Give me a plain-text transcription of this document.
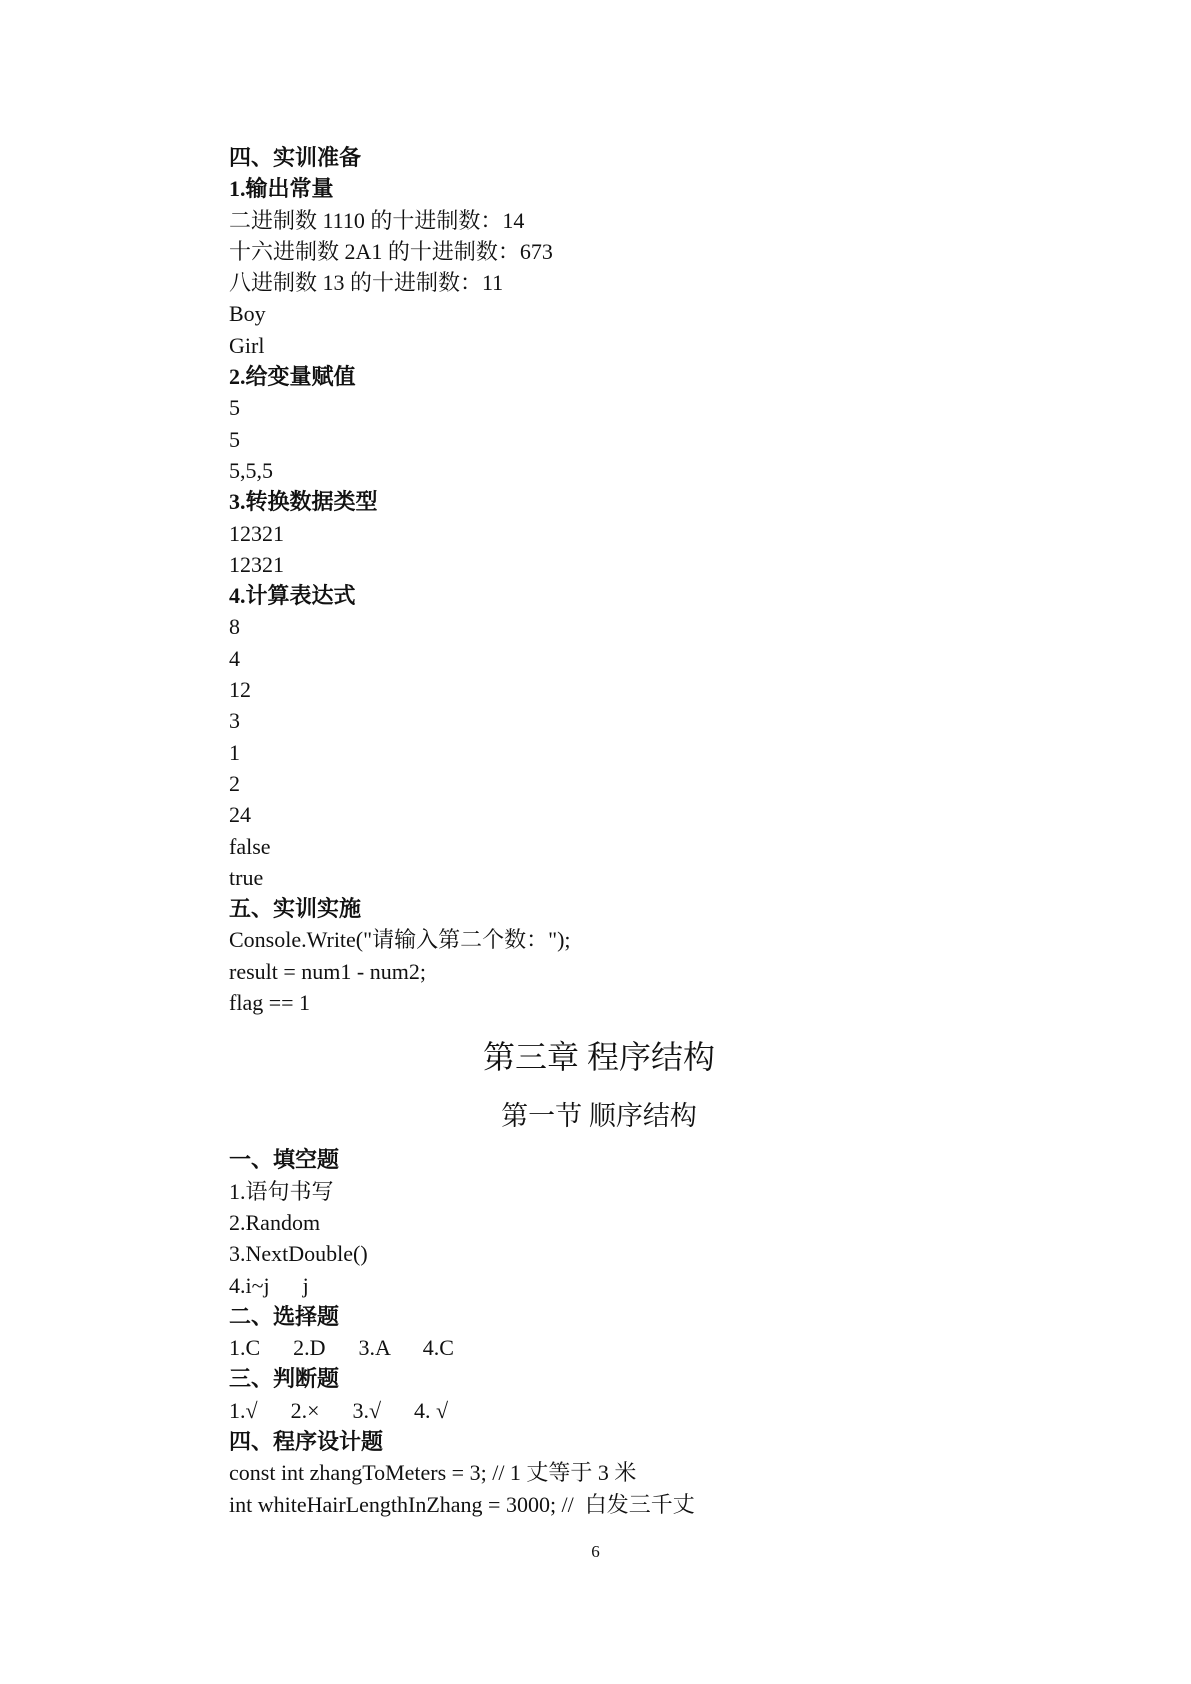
四、实训准备
1.输出常量
二进制数 1110 的十进制数：14
十六进制数 2A1 的十进制数：673
八进制数 13 的十进制数：11
Boy
Girl
2.给变量赋值
5
5
5,5,5
3.转换数据类型
12321
12321
4.计算表达式
8
4
12
3
1
2
24
false
true
五、实训实施
Console.Write("请输入第二个数：");
result = num1 - num2;
flag == 1
第三章 程序结构
第一节 顺序结构
一、填空题
1.语句书写
2.Random
3.NextDouble()
4.i~j      j
二、选择题
1.C      2.D      3.A      4.C
三、判断题
1.√      2.×      3.√      4. √
四、程序设计题
const int zhangToMeters = 3; // 1 丈等于 3 米
int whiteHairLengthInZhang = 3000; //  白发三千丈
6
